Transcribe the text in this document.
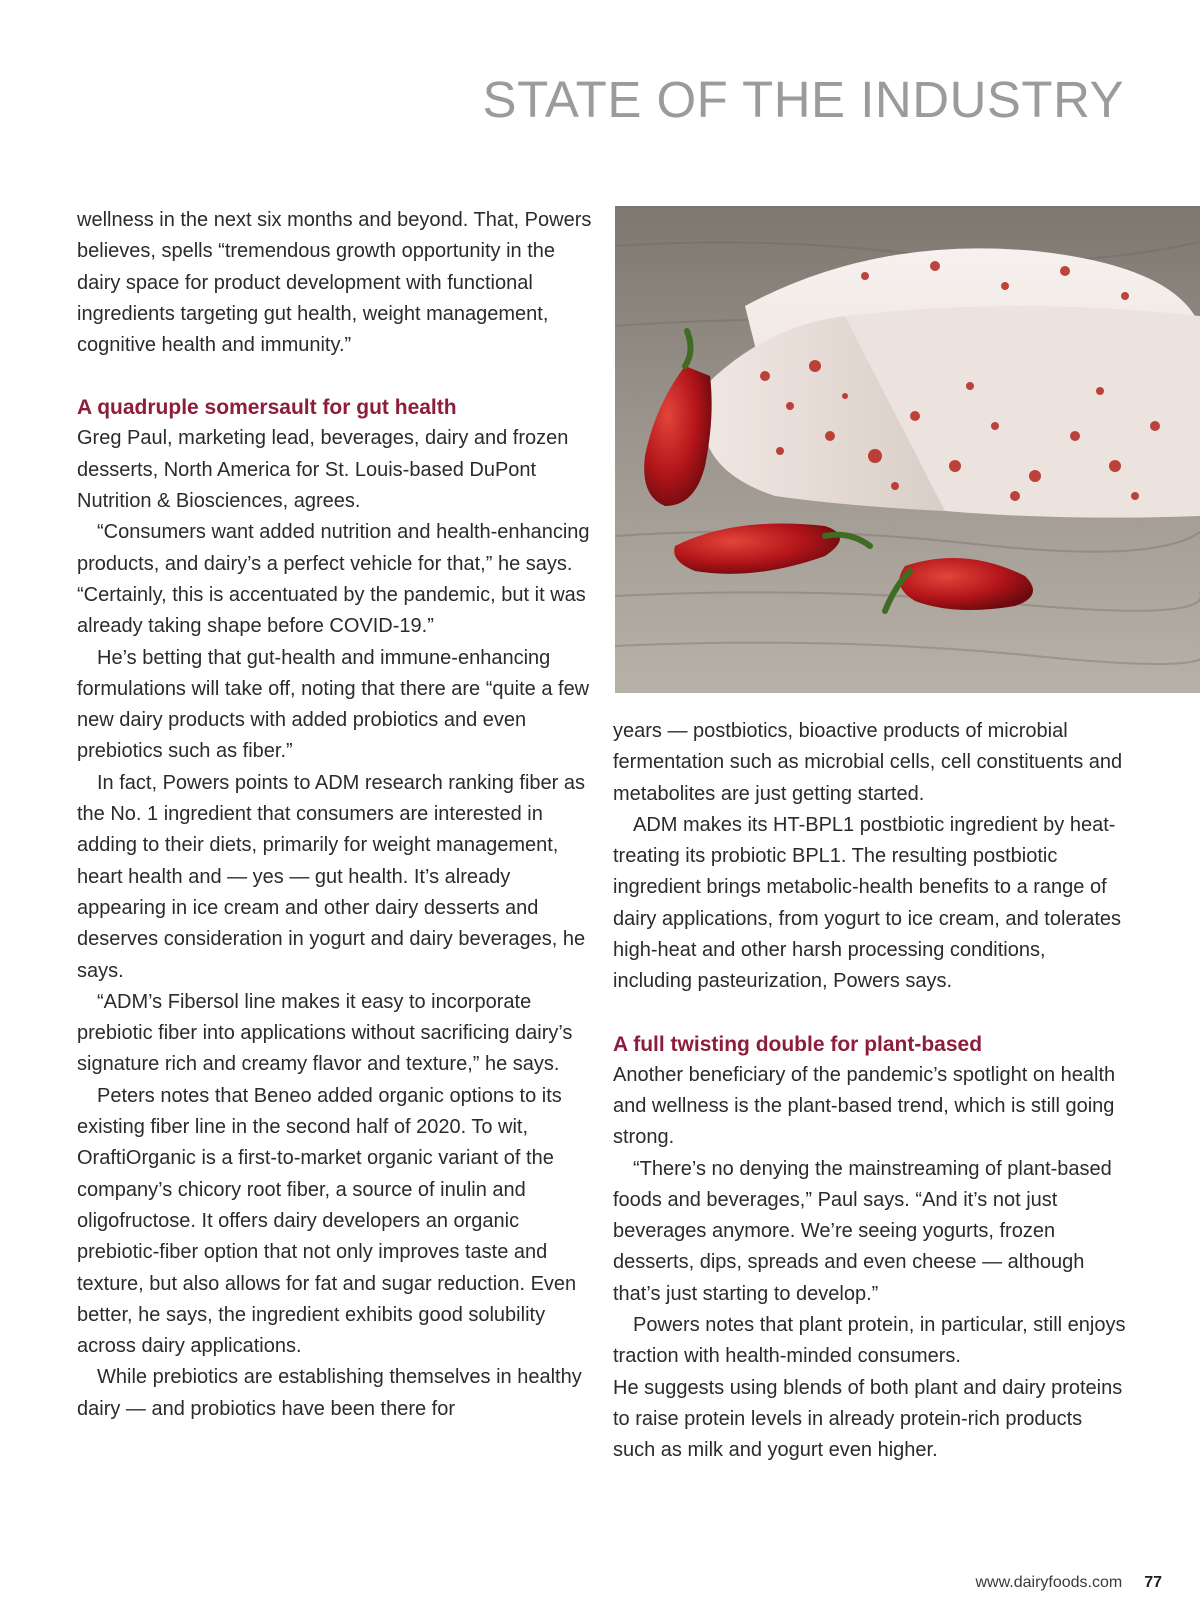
STATE OF THE INDUSTRY

wellness in the next six months and beyond. That, Powers believes, spells “tremendous growth opportunity in the dairy space for product development with functional ingredients targeting gut health, weight management, cognitive health and immunity.”

A quadruple somersault for gut health

Greg Paul, marketing lead, beverages, dairy and frozen desserts, North America for St. Louis-based DuPont Nutrition & Biosciences, agrees.

“Consumers want added nutrition and health-enhancing products, and dairy’s a perfect vehicle for that,” he says. “Certainly, this is accentuated by the pandemic, but it was already taking shape before COVID-19.”

He’s betting that gut-health and immune-enhancing formulations will take off, noting that there are “quite a few new dairy products with added probiotics and even prebiotics such as fiber.”

In fact, Powers points to ADM research ranking fiber as the No. 1 ingredient that consumers are interested in adding to their diets, primarily for weight management, heart health and — yes — gut health. It’s already appearing in ice cream and other dairy desserts and deserves consideration in yogurt and dairy beverages, he says.

“ADM’s Fibersol line makes it easy to incorporate prebiotic fiber into applications without sacrificing dairy’s signature rich and creamy flavor and texture,” he says.

Peters notes that Beneo added organic options to its existing fiber line in the second half of 2020. To wit, OraftiOrganic is a first-to-market organic variant of the company’s chicory root fiber, a source of inulin and oligofructose. It offers dairy developers an organic prebiotic-fiber option that not only improves taste and texture, but also allows for fat and sugar reduction. Even better, he says, the ingredient exhibits good solubility across dairy applications.

While prebiotics are establishing themselves in healthy dairy — and probiotics have been there for

years — postbiotics, bioactive products of microbial fermentation such as microbial cells, cell constituents and metabolites are just getting started.

ADM makes its HT-BPL1 postbiotic ingredient by heat-treating its probiotic BPL1. The resulting postbiotic ingredient brings metabolic-health benefits to a range of dairy applications, from yogurt to ice cream, and tolerates high-heat and other harsh processing conditions, including pasteurization, Powers says.

A full twisting double for plant-based

Another beneficiary of the pandemic’s spotlight on health and wellness is the plant-based trend, which is still going strong.

“There’s no denying the mainstreaming of plant-based foods and beverages,” Paul says. “And it’s not just beverages anymore. We’re seeing yogurts, frozen desserts, dips, spreads and even cheese — although that’s just starting to develop.”

Powers notes that plant protein, in particular, still enjoys traction with health-minded consumers.

He suggests using blends of both plant and dairy proteins to raise protein levels in already protein-rich products such as milk and yogurt even higher.

www.dairyfoods.com 77
